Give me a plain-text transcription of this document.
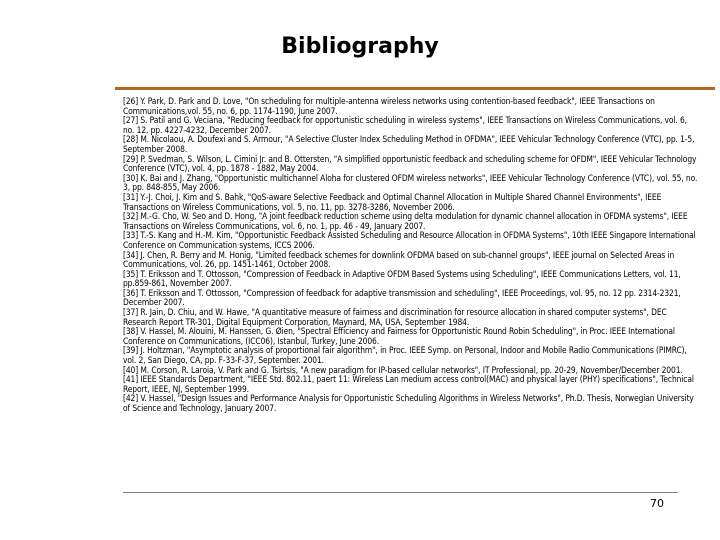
Bibliography
[26] Y. Park, D. Park and D. Love, "On scheduling for multiple-antenna wireless networks using contention-based feedback", IEEE Transactions on Communications,vol. 55, no. 6, pp. 1174-1190, June 2007.
[27] S. Patil and G. Veciana, "Reducing feedback for opportunistic scheduling in wireless systems", IEEE Transactions on Wireless Communications, vol. 6, no. 12, pp. 4227-4232, December 2007.
[28] M. Nicolaou, A. Doufexi and S. Armour, "A Selective Cluster Index Scheduling Method in OFDMA", IEEE Vehicular Technology Conference (VTC), pp. 1-5, September 2008.
[29] P. Svedman, S. Wilson, L. Cimini Jr. and B. Ottersten, "A simplified opportunistic feedback and scheduling scheme for OFDM", IEEE Vehicular Technology Conference (VTC), vol. 4, pp. 1878 - 1882, May 2004.
[30] K. Bai and J. Zhang, "Opportunistic multichannel Aloha for clustered OFDM wireless networks", IEEE Vehicular Technology Conference (VTC), vol. 55, no. 3, pp. 848-855, May 2006.
[31] Y.-J. Choi, J. Kim and S. Bahk, "QoS-aware Selective Feedback and Optimal Channel Allocation in Multiple Shared Channel Environments", IEEE Transactions on Wireless Communications, vol. 5, no. 11, pp. 3278-3286, November 2006.
[32] M.-G. Cho, W. Seo and D. Hong, "A joint feedback reduction scheme using delta modulation for dynamic channel allocation in OFDMA systems", IEEE Transactions on Wireless Communications, vol. 6, no. 1, pp. 46 - 49, January 2007.
[33] T.-S. Kang and H.-M. Kim, "Opportunistic Feedback Assisted Scheduling and Resource Allocation in OFDMA Systems", 10th IEEE Singapore International Conference on Communication systems, ICCS 2006.
[34] J. Chen, R. Berry and M. Honig, "Limited feedback schemes for downlink OFDMA based on sub-channel groups", IEEE journal on Selected Areas in Communications, vol. 26, pp. 1451-1461, October 2008.
[35] T. Eriksson and T. Ottosson, "Compression of Feedback in Adaptive OFDM Based Systems using Scheduling", IEEE Communications Letters, vol. 11, pp.859-861, November 2007.
[36] T. Eriksson and T. Ottosson, "Compression of feedback for adaptive transmission and scheduling", IEEE Proceedings, vol. 95, no. 12 pp. 2314-2321, December 2007.
[37] R. Jain, D. Chiu, and W. Hawe, "A quantitative measure of fairness and discrimination for resource allocation in shared computer systems", DEC Research Report TR-301, Digital Equipment Corporation, Maynard, MA, USA, September 1984.
[38] V. Hassel, M. Alouini, M. Hanssen, G. Øien, "Spectral Efficiency and Fairness for Opportunistic Round Robin Scheduling", in Proc. IEEE International Conference on Communications, (ICC06), Istanbul, Turkey, June 2006.
[39] J. Holtzman, "Asymptotic analysis of proportional fair algorithm", in Proc. IEEE Symp. on Personal, Indoor and Mobile Radio Communications (PIMRC), vol. 2, San Diego, CA, pp. F-33-F-37, September. 2001.
[40] M. Corson, R. Laroia, V. Park and G. Tsirtsis, "A new paradigm for IP-based cellular networks", IT Professional, pp. 20-29, November/December 2001.
[41] IEEE Standards Department, "IEEE Std. 802.11, paert 11: Wireless Lan medium access control(MAC) and physical layer (PHY) specifications", Technical Report, IEEE, NJ, September 1999.
[42] V. Hassel, "Design Issues and Performance Analysis for Opportunistic Scheduling Algorithms in Wireless Networks", Ph.D. Thesis, Norwegian University of Science and Technology, January 2007.
70
